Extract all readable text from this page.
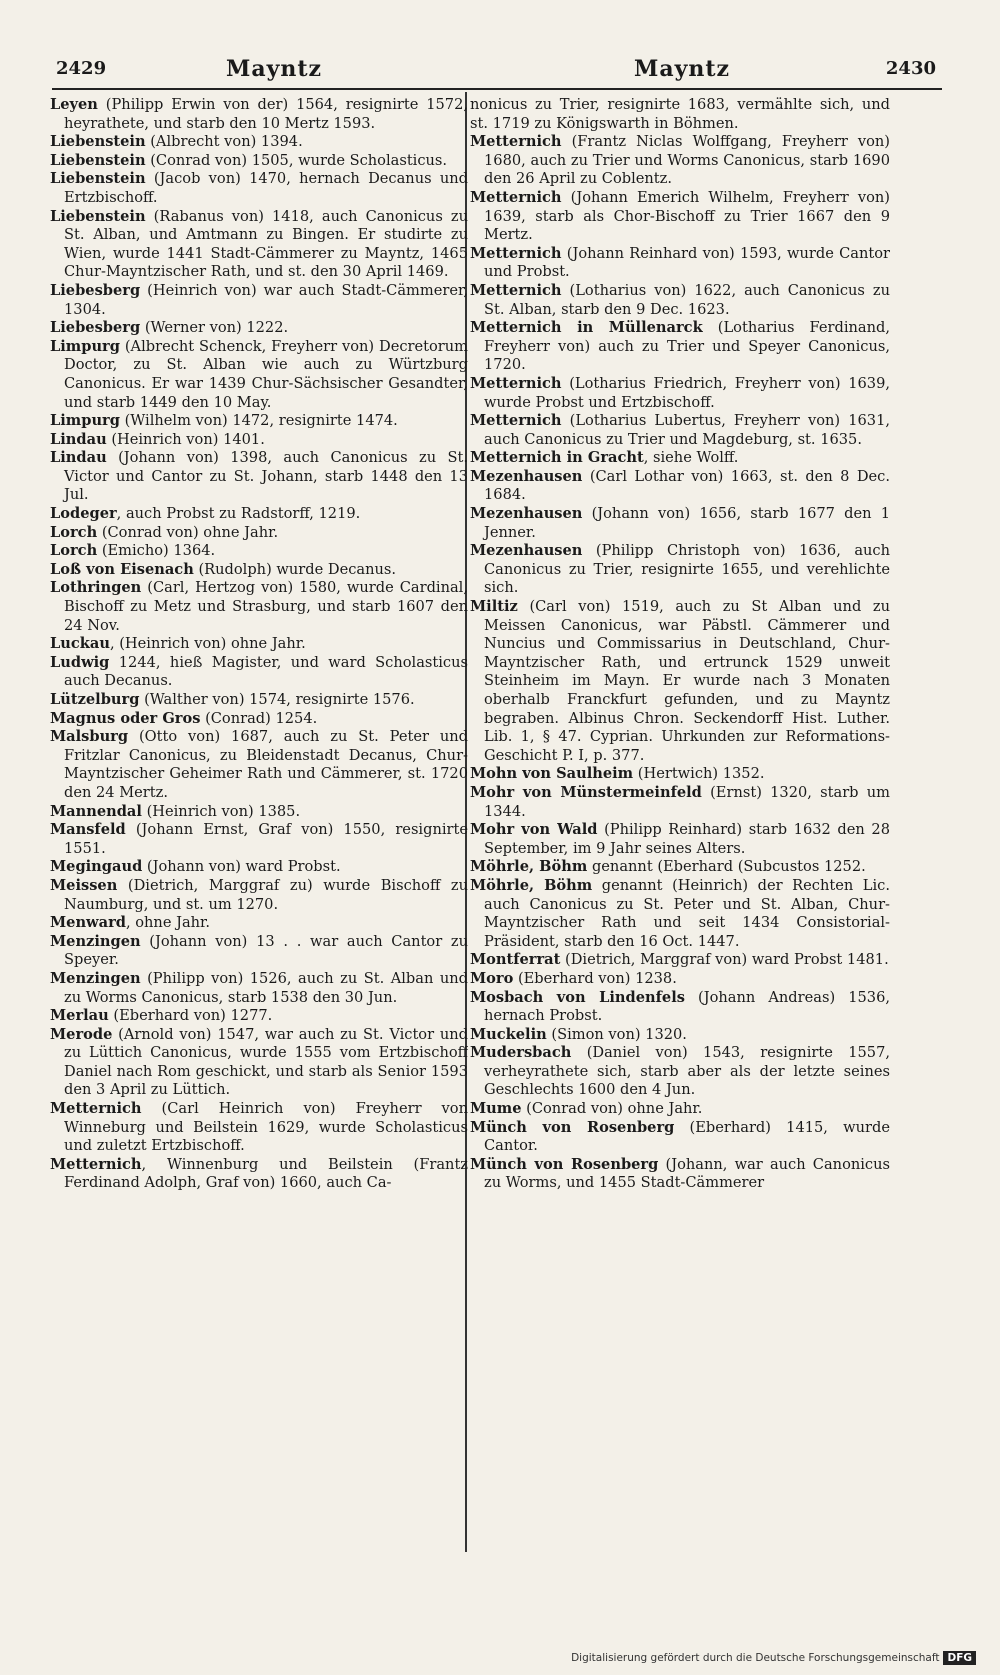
2429	Mayntz	Mayntz	2430

Leyen (Philipp Erwin von der) 1564, resignirte 1572, heyrathete, und starb den 10 Mertz 1593.

Liebenstein (Albrecht von) 1394.

Liebenstein (Conrad von) 1505, wurde Scholasticus.

Liebenstein (Jacob von) 1470, hernach Decanus und Ertzbischoff.

Liebenstein (Rabanus von) 1418, auch Canonicus zu St. Alban, und Amtmann zu Bingen. Er studirte zu Wien, wurde 1441 Stadt-Cämmerer zu Mayntz, 1465 Chur-Mayntzischer Rath, und st. den 30 April 1469.

Liebesberg (Heinrich von) war auch Stadt-Cämmerer, 1304.

Liebesberg (Werner von) 1222.

Limpurg (Albrecht Schenck, Freyherr von) Decretorum Doctor, zu St. Alban wie auch zu Würtzburg Canonicus. Er war 1439 Chur-Sächsischer Gesandter, und starb 1449 den 10 May.

Limpurg (Wilhelm von) 1472, resignirte 1474.

Lindau (Heinrich von) 1401.

Lindau (Johann von) 1398, auch Canonicus zu St. Victor und Cantor zu St. Johann, starb 1448 den 13 Jul.

Lodeger, auch Probst zu Radstorff, 1219.

Lorch (Conrad von) ohne Jahr.

Lorch (Emicho) 1364.

Loß von Eisenach (Rudolph) wurde Decanus.

Lothringen (Carl, Hertzog von) 1580, wurde Cardinal, Bischoff zu Metz und Strasburg, und starb 1607 den 24 Nov.

Luckau, (Heinrich von) ohne Jahr.

Ludwig 1244, hieß Magister, und ward Scholasticus auch Decanus.

Lützelburg (Walther von) 1574, resignirte 1576.

Magnus oder Gros (Conrad) 1254.

Malsburg (Otto von) 1687, auch zu St. Peter und Fritzlar Canonicus, zu Bleidenstadt Decanus, Chur-Mayntzischer Geheimer Rath und Cämmerer, st. 1720 den 24 Mertz.

Mannendal (Heinrich von) 1385.

Mansfeld (Johann Ernst, Graf von) 1550, resignirte 1551.

Megingaud (Johann von) ward Probst.

Meissen (Dietrich, Marggraf zu) wurde Bischoff zu Naumburg, und st. um 1270.

Menward, ohne Jahr.

Menzingen (Johann von) 13 . . war auch Cantor zu Speyer.

Menzingen (Philipp von) 1526, auch zu St. Alban und zu Worms Canonicus, starb 1538 den 30 Jun.

Merlau (Eberhard von) 1277.

Merode (Arnold von) 1547, war auch zu St. Victor und zu Lüttich Canonicus, wurde 1555 vom Ertzbischoff Daniel nach Rom geschickt, und starb als Senior 1593 den 3 April zu Lüttich.

Metternich (Carl Heinrich von) Freyherr von Winneburg und Beilstein 1629, wurde Scholasticus und zuletzt Ertzbischoff.

Metternich, Winnenburg und Beilstein (Frantz Ferdinand Adolph, Graf von) 1660, auch Ca-

nonicus zu Trier, resignirte 1683, vermählte sich, und st. 1719 zu Königswarth in Böhmen.

Metternich (Frantz Niclas Wolffgang, Freyherr von) 1680, auch zu Trier und Worms Canonicus, starb 1690 den 26 April zu Coblentz.

Metternich (Johann Emerich Wilhelm, Freyherr von) 1639, starb als Chor-Bischoff zu Trier 1667 den 9 Mertz.

Metternich (Johann Reinhard von) 1593, wurde Cantor und Probst.

Metternich (Lotharius von) 1622, auch Canonicus zu St. Alban, starb den 9 Dec. 1623.

Metternich in Müllenarck (Lotharius Ferdinand, Freyherr von) auch zu Trier und Speyer Canonicus, 1720.

Metternich (Lotharius Friedrich, Freyherr von) 1639, wurde Probst und Ertzbischoff.

Metternich (Lotharius Lubertus, Freyherr von) 1631, auch Canonicus zu Trier und Magdeburg, st. 1635.

Metternich in Gracht, siehe Wolff.

Mezenhausen (Carl Lothar von) 1663, st. den 8 Dec. 1684.

Mezenhausen (Johann von) 1656, starb 1677 den 1 Jenner.

Mezenhausen (Philipp Christoph von) 1636, auch Canonicus zu Trier, resignirte 1655, und verehlichte sich.

Miltiz (Carl von) 1519, auch zu St Alban und zu Meissen Canonicus, war Päbstl. Cämmerer und Nuncius und Commissarius in Deutschland, Chur-Mayntzischer Rath, und ertrunck 1529 unweit Steinheim im Mayn. Er wurde nach 3 Monaten oberhalb Franckfurt gefunden, und zu Mayntz begraben. Albinus Chron. Seckendorff Hist. Luther. Lib. 1, § 47. Cyprian. Uhrkunden zur Reformations-Geschicht P. I, p. 377.

Mohn von Saulheim (Hertwich) 1352.

Mohr von Münstermeinfeld (Ernst) 1320, starb um 1344.

Mohr von Wald (Philipp Reinhard) starb 1632 den 28 September, im 9 Jahr seines Alters.

Möhrle, Böhm genannt (Eberhard (Subcustos 1252.

Möhrle, Böhm genannt (Heinrich) der Rechten Lic. auch Canonicus zu St. Peter und St. Alban, Chur-Mayntzischer Rath und seit 1434 Consistorial-Präsident, starb den 16 Oct. 1447.

Montferrat (Dietrich, Marggraf von) ward Probst 1481.

Moro (Eberhard von) 1238.

Mosbach von Lindenfels (Johann Andreas) 1536, hernach Probst.

Muckelin (Simon von) 1320.

Mudersbach (Daniel von) 1543, resignirte 1557, verheyrathete sich, starb aber als der letzte seines Geschlechts 1600 den 4 Jun.

Mume (Conrad von) ohne Jahr.

Münch von Rosenberg (Eberhard) 1415, wurde Cantor.

Münch von Rosenberg (Johann, war auch Canonicus zu Worms, und 1455 Stadt-Cämmerer

Digitalisierung gefördert durch die Deutsche Forschungsgemeinschaft DFG
